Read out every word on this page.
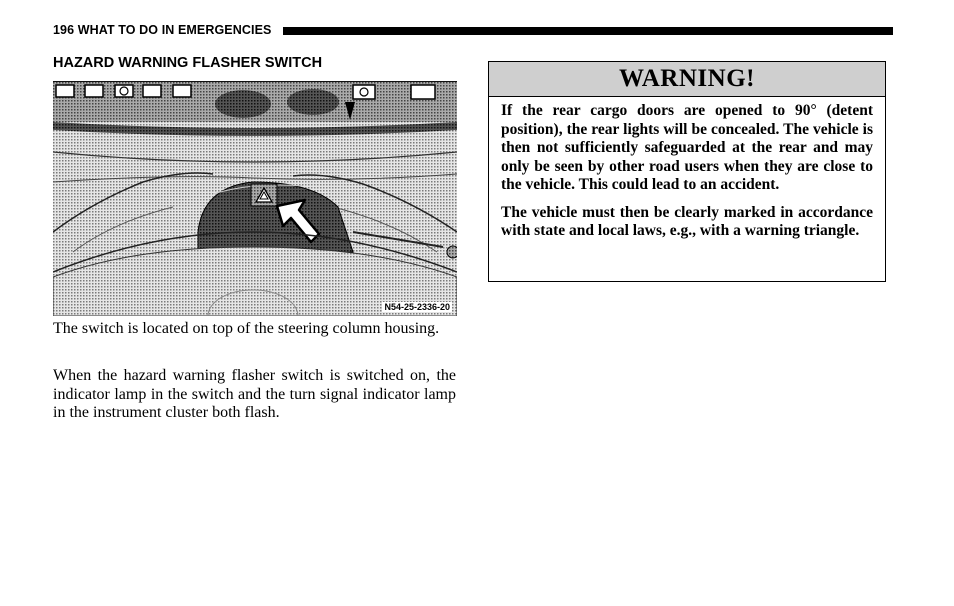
196 WHAT TO DO IN EMERGENCIES
HAZARD WARNING FLASHER SWITCH
N54-25-2336-20

The switch is located on top of the steering column housing.

When the hazard warning flasher switch is switched on, the indicator lamp in the switch and the turn signal indicator lamp in the instrument cluster both flash.

WARNING!

If the rear cargo doors are opened to 90° (detent position), the rear lights will be concealed. The vehicle is then not sufficiently safeguarded at the rear and may only be seen by other road users when they are close to the vehicle. This could lead to an accident.

The vehicle must then be clearly marked in accordance with state and local laws, e.g., with a warning triangle.
